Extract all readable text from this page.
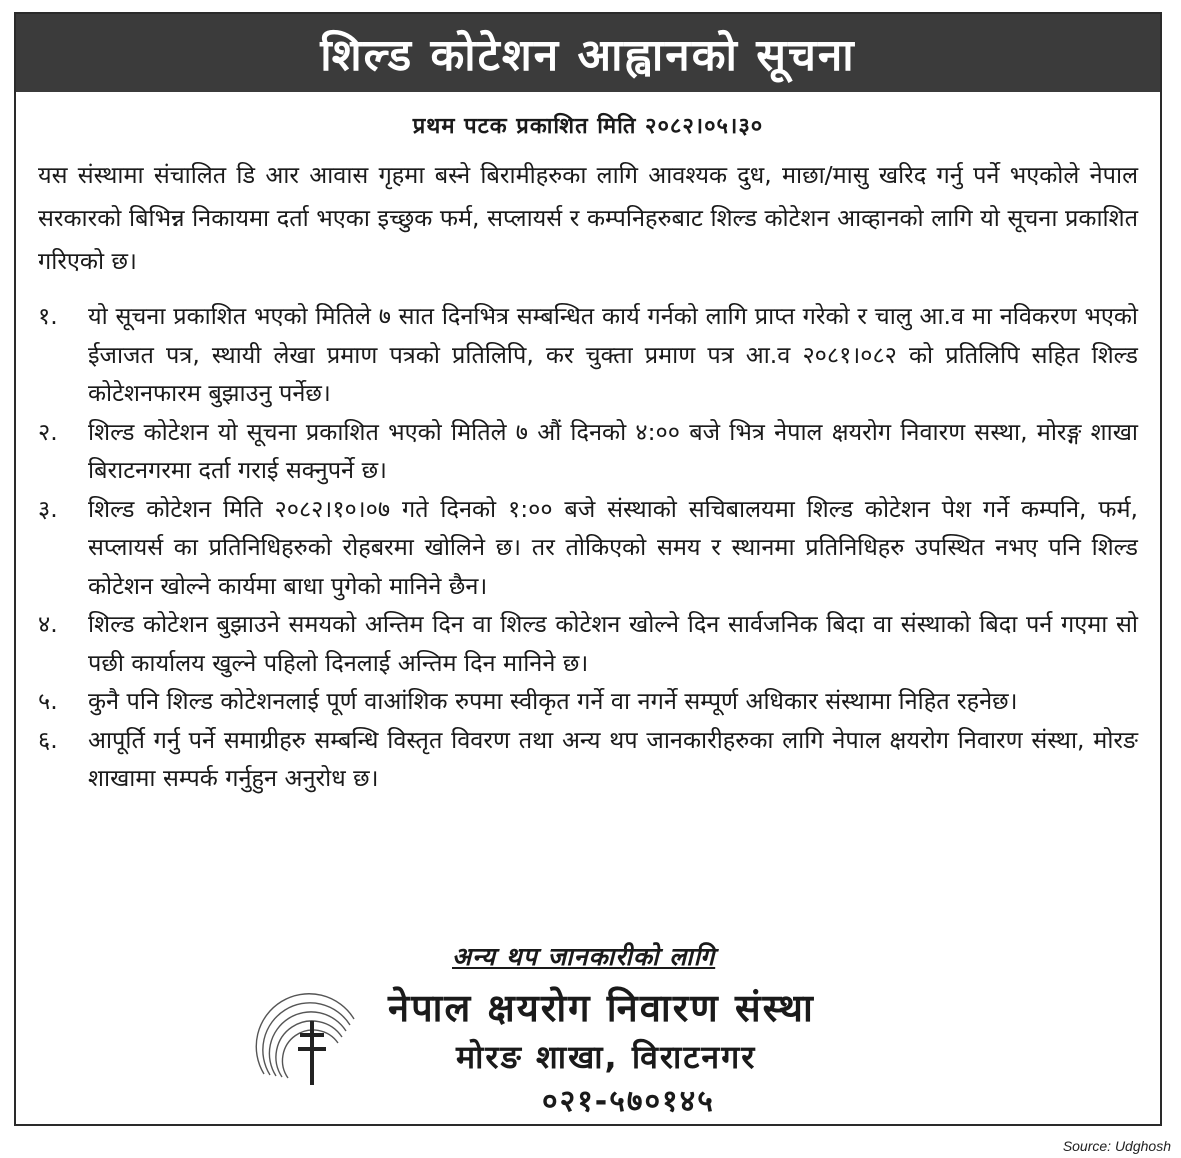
शिल्ड कोटेशन आह्वानको सूचना
प्रथम पटक प्रकाशित मिति २०८२।०५।३०
यस संस्थामा संचालित डि आर आवास गृहमा बस्ने बिरामीहरुका लागि आवश्यक दुध, माछा/मासु खरिद गर्नु पर्ने भएकोले नेपाल सरकारको बिभिन्न निकायमा दर्ता भएका इच्छुक फर्म, सप्लायर्स र कम्पनिहरुबाट शिल्ड कोटेशन आव्हानको लागि यो सूचना प्रकाशित गरिएको छ।
१.	यो सूचना प्रकाशित भएको मितिले ७ सात दिनभित्र सम्बन्धित कार्य गर्नको लागि प्राप्त गरेको र चालु आ.व मा नविकरण भएको ईजाजत पत्र, स्थायी लेखा प्रमाण पत्रको प्रतिलिपि, कर चुक्ता प्रमाण पत्र आ.व २०८१।०८२ को प्रतिलिपि सहित शिल्ड कोटेशनफारम बुझाउनु पर्नेछ।
२.	शिल्ड कोटेशन यो सूचना प्रकाशित भएको मितिले ७ औं दिनको ४:०० बजे भित्र नेपाल क्षयरोग निवारण सस्था, मोरङ्ग शाखा बिराटनगरमा दर्ता गराई सक्नुपर्ने छ।
३.	शिल्ड कोटेशन मिति २०८२।१०।०७ गते दिनको १:०० बजे संस्थाको सचिबालयमा शिल्ड कोटेशन पेश गर्ने कम्पनि, फर्म, सप्लायर्स का प्रतिनिधिहरुको रोहबरमा खोलिने छ। तर तोकिएको समय र स्थानमा प्रतिनिधिहरु उपस्थित नभए पनि शिल्ड कोटेशन खोल्ने कार्यमा बाधा पुगेको मानिने छैन।
४.	शिल्ड कोटेशन बुझाउने समयको अन्तिम दिन वा शिल्ड कोटेशन खोल्ने दिन सार्वजनिक बिदा वा संस्थाको बिदा पर्न गएमा सो पछी कार्यालय खुल्ने पहिलो दिनलाई अन्तिम दिन मानिने छ।
५.	कुनै पनि शिल्ड कोटेशनलाई पूर्ण वाआंशिक रुपमा स्वीकृत गर्ने वा नगर्ने सम्पूर्ण अधिकार संस्थामा निहित रहनेछ।
६.	आपूर्ति गर्नु पर्ने समाग्रीहरु सम्बन्धि विस्तृत विवरण तथा अन्य थप जानकारीहरुका लागि नेपाल क्षयरोग निवारण संस्था, मोरङ शाखामा सम्पर्क गर्नुहुन अनुरोध छ।
अन्य थप जानकारीको लागि
नेपाल क्षयरोग निवारण संस्था
मोरङ शाखा, विराटनगर
०२१-५७०१४५
Source: Udghosh
